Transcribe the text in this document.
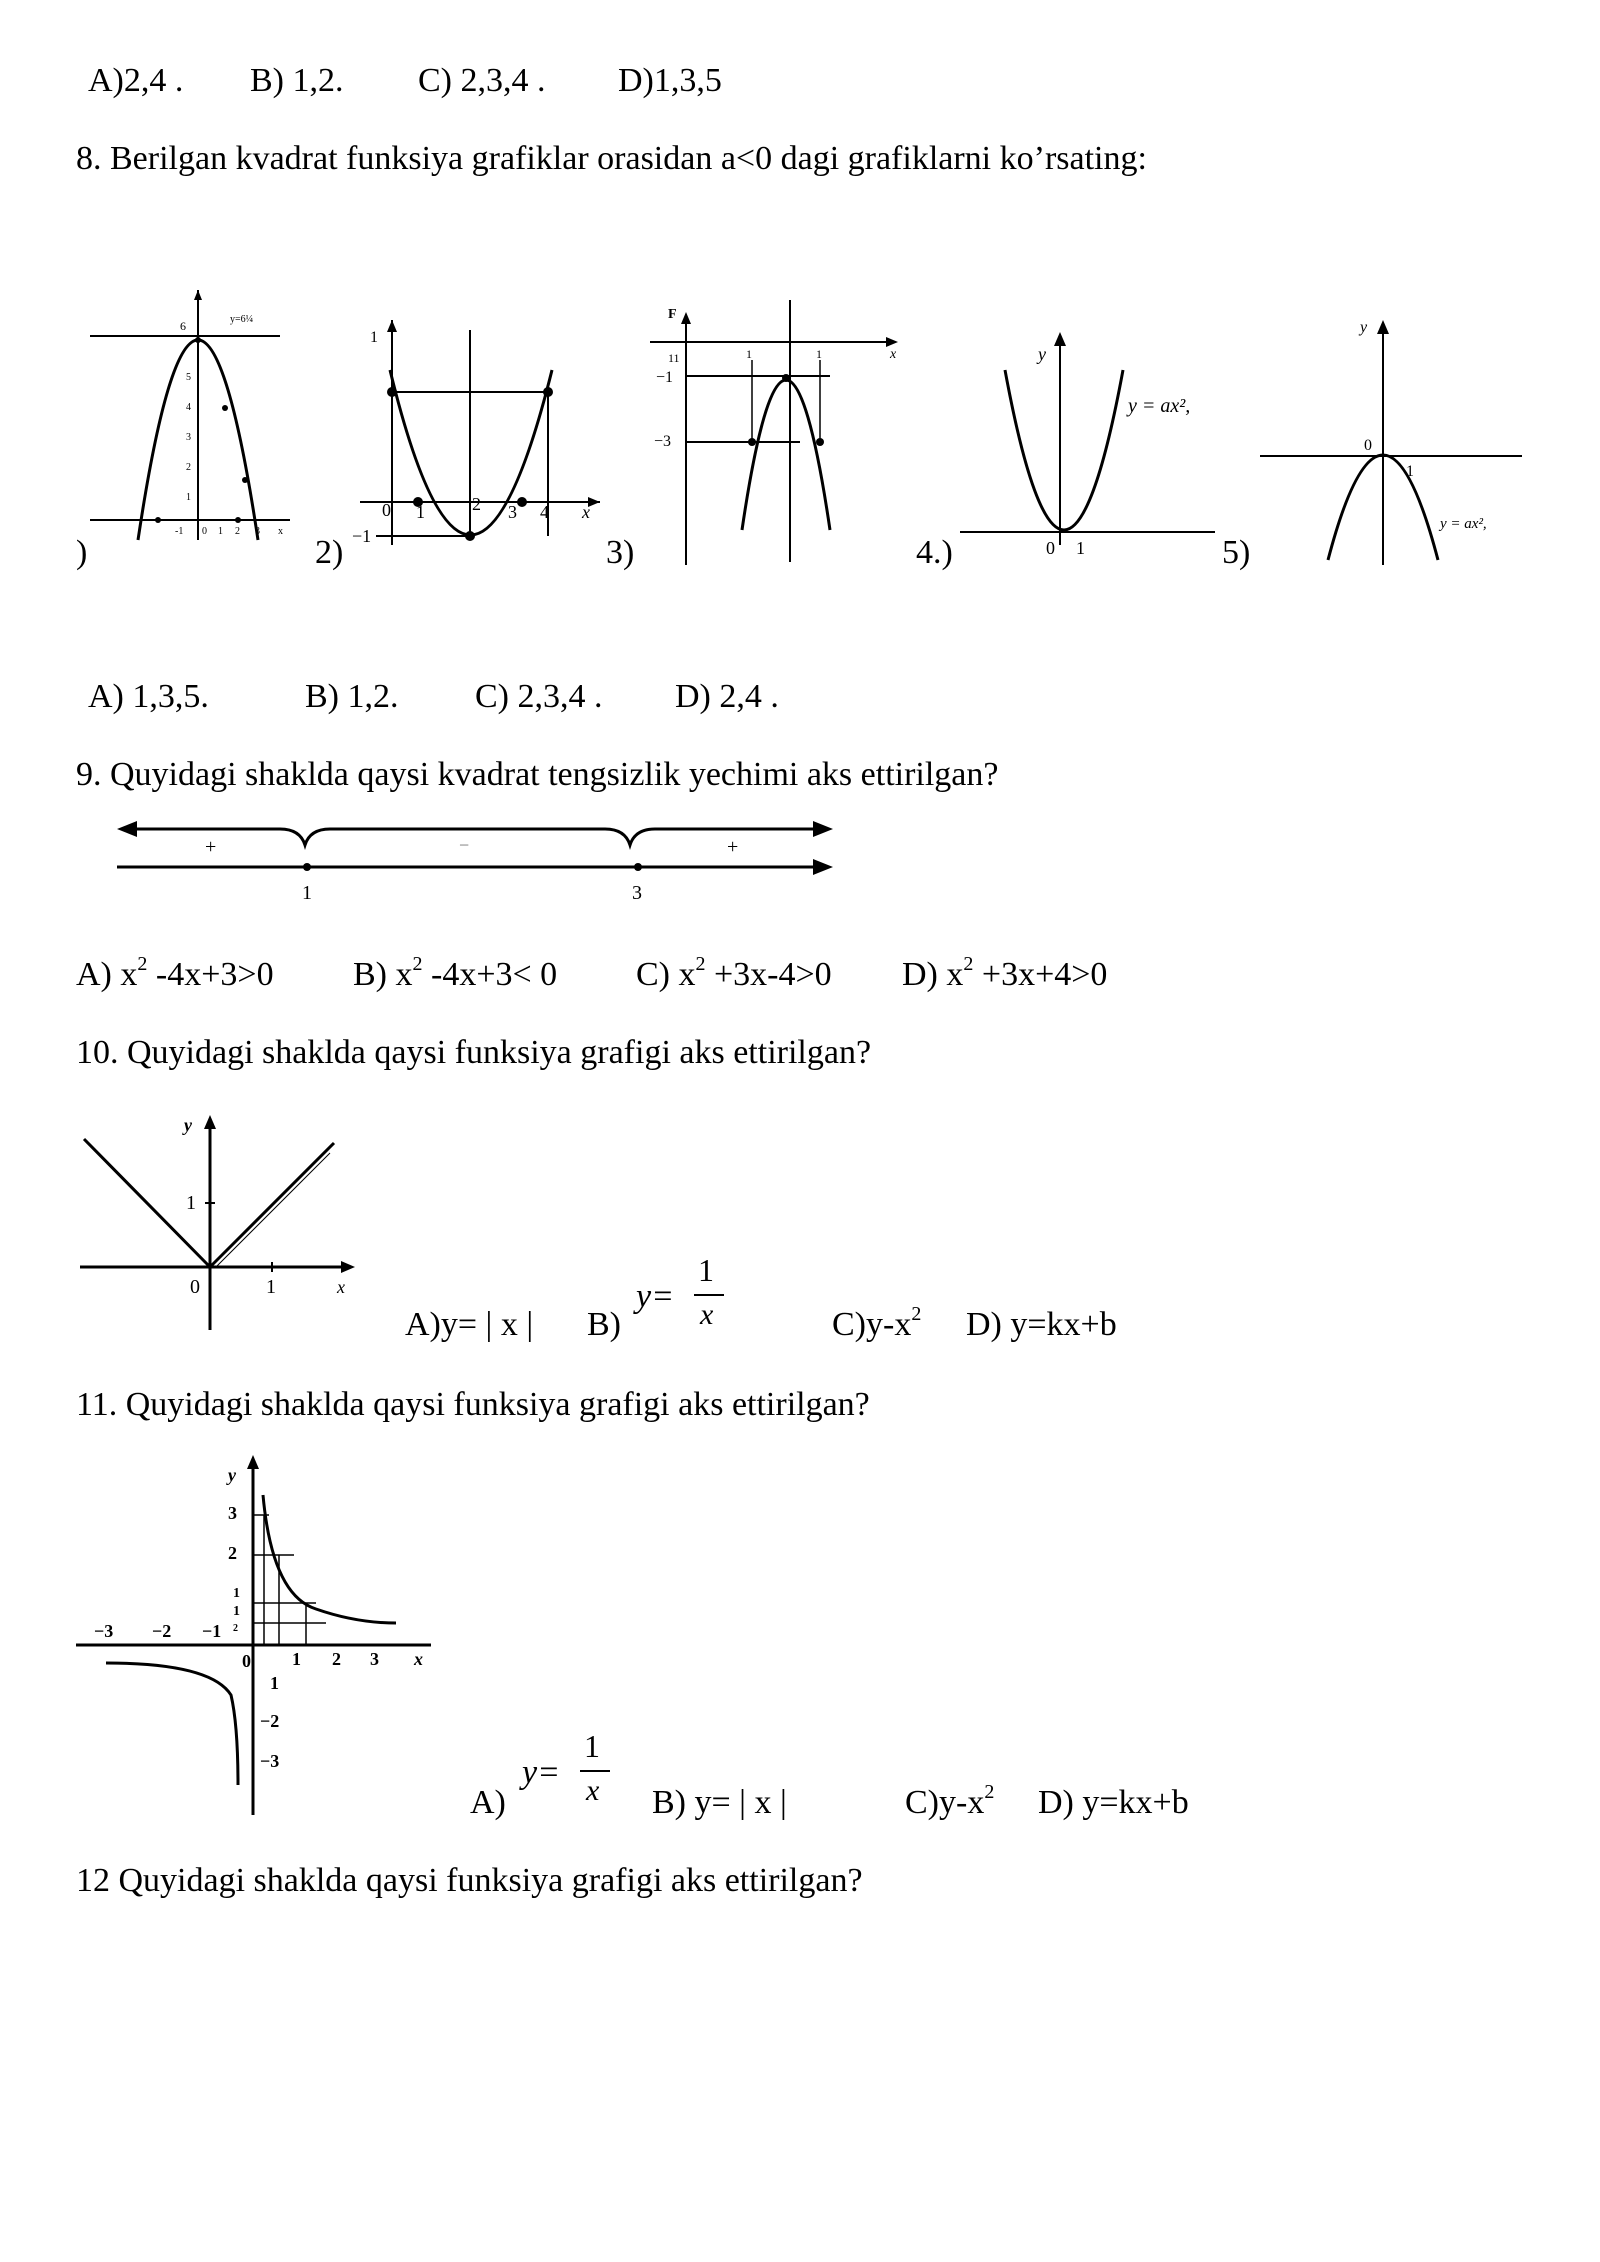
A)2,4 . B) 1,2. C) 2,3,4 . D)1,3,5
8. Berilgan kvadrat funksiya grafiklar orasidan a<0 dagi grafiklarni ko’rsating:
)	2)	3)	4.)	5)
6	y=6¼
5
4
3
2
1
-1 0 1 2 3 x
1
0 1	2 3 4 x
−1
F
11
−1
−3
1	1	x	y
y = ax²,
0 1
y
0
1
y = ax²,
A) 1,3,5.	B) 1,2. C) 2,3,4 . D) 2,4 .
9. Quyidagi shaklda qaysi kvadrat tengsizlik yechimi aks ettirilgan?
+	−	+
1	3
A) $x^2$ -4x+3>0 B) $x^2$ -4x+3< 0 C) $x^2 +3x-4>0$ D) $x^2 +3x+4>0$
10. Quyidagi shaklda qaysi funksiya grafigi aks ettirilgan?
y
1
0	1	x
A)y= | x | B)
y=
1
x	$C)y-x^2$ D) y=kx+b
11. Quyidagi shaklda qaysi funksiya grafigi aks ettirilgan?
y
3
2
1
1
2
−3 −2 −1
0 1 2 3 x
1
−2
−3
A)
y=
1
x B) y= | x |	$C)y-x^2$ D) y=kx+b
12 Quyidagi shaklda qaysi funksiya grafigi aks ettirilgan?
